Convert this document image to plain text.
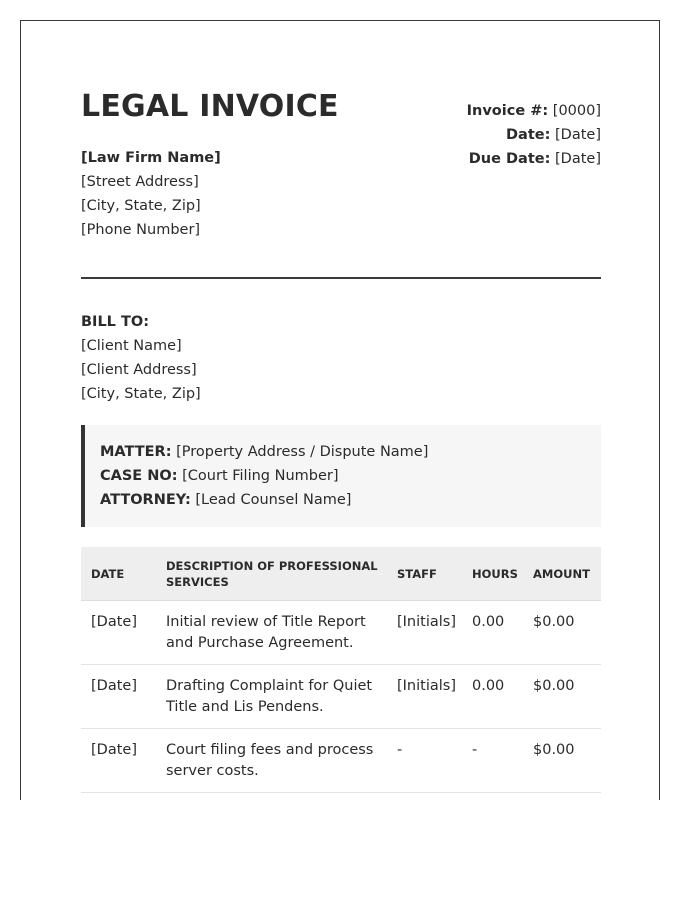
LEGAL INVOICE	Invoice #: [0000]
Date: [Date]
Due Date: [Date]
[Law Firm Name]
[Street Address]
[City, State, Zip]
[Phone Number]
BILL TO:
[Client Name]
[Client Address]
[City, State, Zip]
MATTER: [Property Address / Dispute Name]
CASE NO: [Court Filing Number]
ATTORNEY: [Lead Counsel Name]
DATE	DESCRIPTION OF PROFESSIONAL SERVICES	STAFF	HOURS	AMOUNT
[Date]	Initial review of Title Report and Purchase Agreement.	[Initials]	0.00	$0.00
[Date]	Drafting Complaint for Quiet Title and Lis Pendens.	[Initials]	0.00	$0.00
[Date]	Court filing fees and process server costs.	-	-	$0.00
